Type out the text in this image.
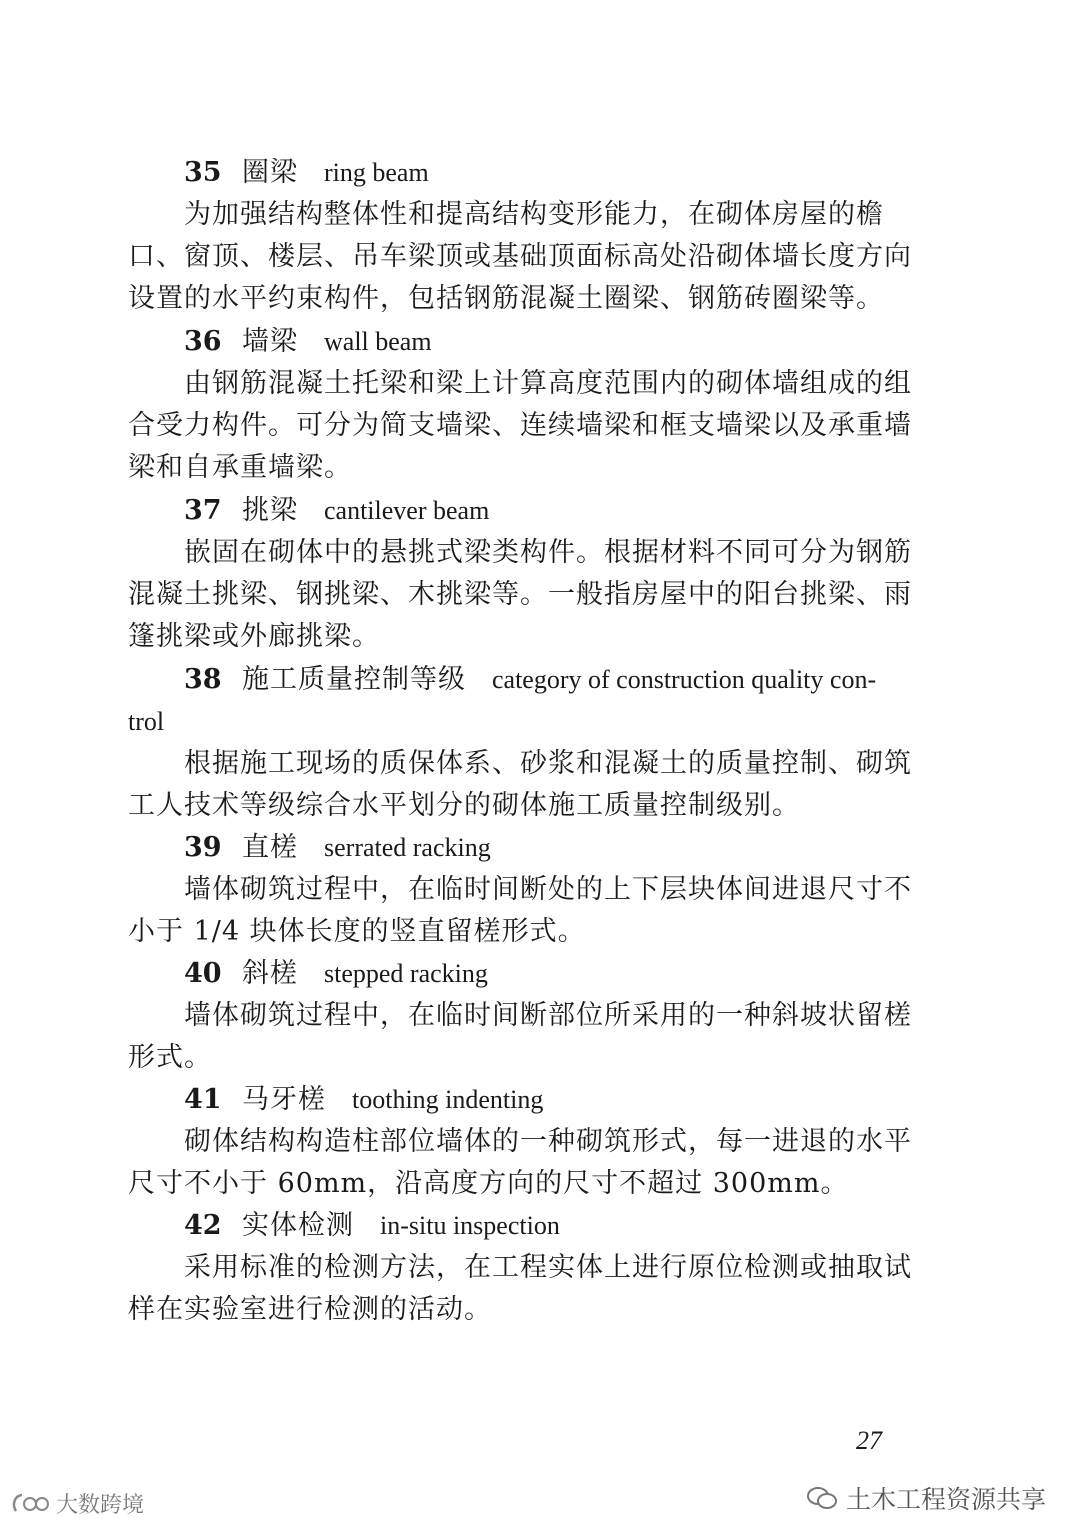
35 圈梁 ring beam
为加强结构整体性和提高结构变形能力，在砌体房屋的檐
口、窗顶、楼层、吊车梁顶或基础顶面标高处沿砌体墙长度方向
设置的水平约束构件，包括钢筋混凝土圈梁、钢筋砖圈梁等。
36 墙梁 wall beam
由钢筋混凝土托梁和梁上计算高度范围内的砌体墙组成的组
合受力构件。可分为简支墙梁、连续墙梁和框支墙梁以及承重墙
梁和自承重墙梁。
37 挑梁 cantilever beam
嵌固在砌体中的悬挑式梁类构件。根据材料不同可分为钢筋
混凝土挑梁、钢挑梁、木挑梁等。一般指房屋中的阳台挑梁、雨
篷挑梁或外廊挑梁。
38 施工质量控制等级 category of construction quality con-
trol
根据施工现场的质保体系、砂浆和混凝土的质量控制、砌筑
工人技术等级综合水平划分的砌体施工质量控制级别。
39 直槎 serrated racking
墙体砌筑过程中，在临时间断处的上下层块体间进退尺寸不
小于 1/4 块体长度的竖直留槎形式。
40 斜槎 stepped racking
墙体砌筑过程中，在临时间断部位所采用的一种斜坡状留槎
形式。
41 马牙槎 toothing indenting
砌体结构构造柱部位墙体的一种砌筑形式，每一进退的水平
尺寸不小于 60mm，沿高度方向的尺寸不超过 300mm。
42 实体检测 in-situ inspection
采用标准的检测方法，在工程实体上进行原位检测或抽取试
样在实验室进行检测的活动。
27
土木工程资源共享
大数跨境
